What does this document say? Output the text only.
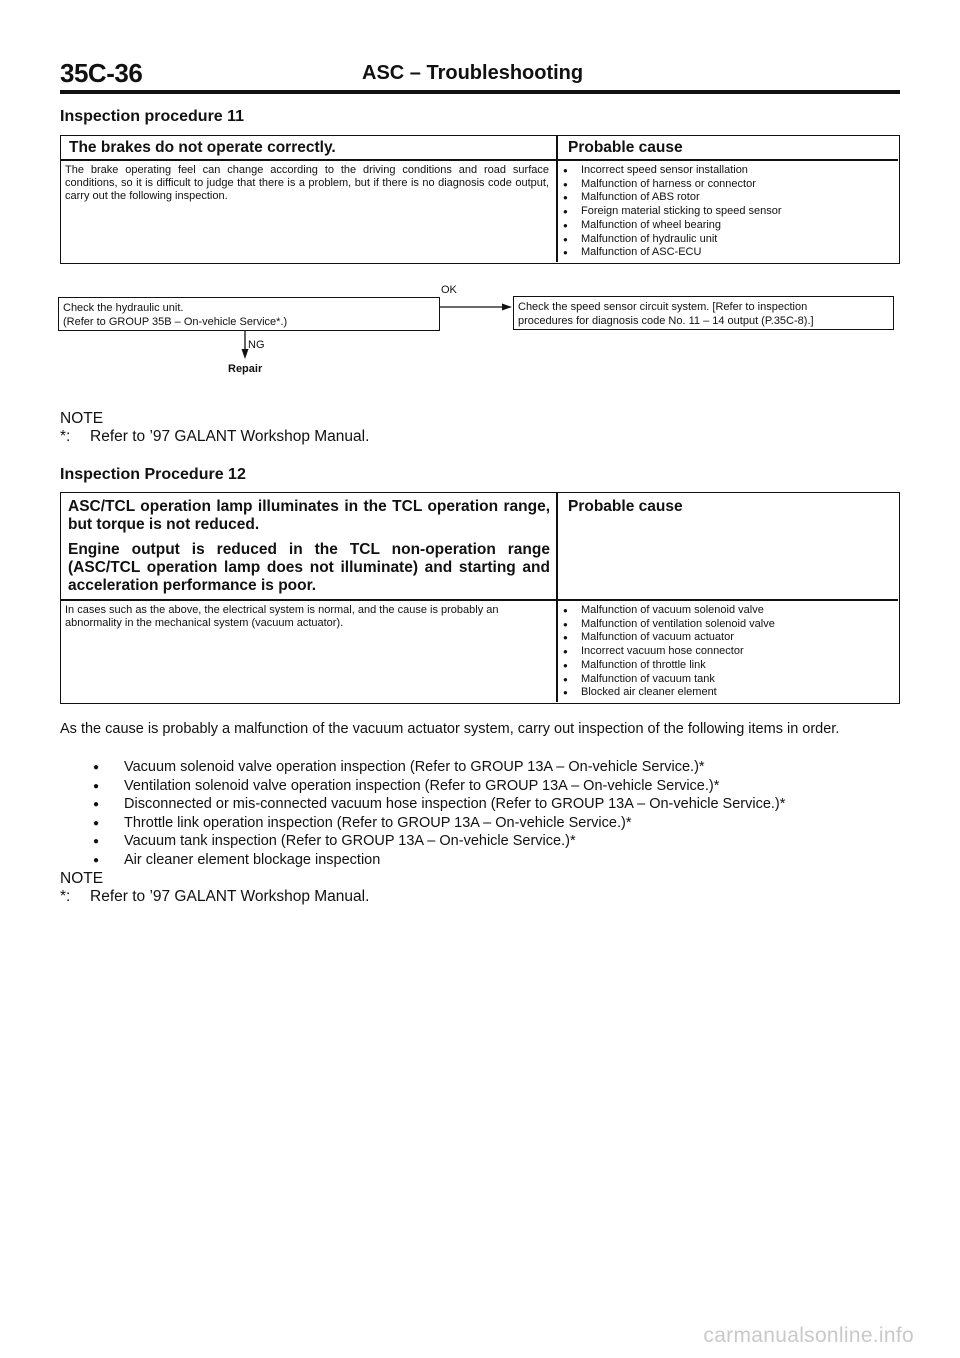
35C-36	ASC – Troubleshooting
Inspection procedure 11
The brakes do not operate correctly.	Probable cause
The brake operating feel can change according to the driving conditions and road surface conditions, so it is difficult to judge that there is a problem, but if there is no diagnosis code output, carry out the following inspection.
● Incorrect speed sensor installation
● Malfunction of harness or connector
● Malfunction of ABS rotor
● Foreign material sticking to speed sensor
● Malfunction of wheel bearing
● Malfunction of hydraulic unit
● Malfunction of ASC-ECU
Check the hydraulic unit.
(Refer to GROUP 35B – On-vehicle Service*.)
OK
Check the speed sensor circuit system. [Refer to inspection
procedures for diagnosis code No. 11 – 14 output (P.35C-8).]
NG
Repair
NOTE
*: Refer to ’97 GALANT Workshop Manual.
Inspection Procedure 12
ASC/TCL operation lamp illuminates in the TCL operation range, but torque is not reduced.
Engine output is reduced in the TCL non-operation range (ASC/TCL operation lamp does not illuminate) and starting and acceleration performance is poor.
Probable cause
In cases such as the above, the electrical system is normal, and the cause is probably an abnormality in the mechanical system (vacuum actuator).
● Malfunction of vacuum solenoid valve
● Malfunction of ventilation solenoid valve
● Malfunction of vacuum actuator
● Incorrect vacuum hose connector
● Malfunction of throttle link
● Malfunction of vacuum tank
● Blocked air cleaner element
As the cause is probably a malfunction of the vacuum actuator system, carry out inspection of the following items in order.
● Vacuum solenoid valve operation inspection (Refer to GROUP 13A – On-vehicle Service.)*
● Ventilation solenoid valve operation inspection (Refer to GROUP 13A – On-vehicle Service.)*
● Disconnected or mis-connected vacuum hose inspection (Refer to GROUP 13A – On-vehicle Service.)*
● Throttle link operation inspection (Refer to GROUP 13A – On-vehicle Service.)*
● Vacuum tank inspection (Refer to GROUP 13A – On-vehicle Service.)*
● Air cleaner element blockage inspection
NOTE
*: Refer to ’97 GALANT Workshop Manual.
carmanualsonline.info
